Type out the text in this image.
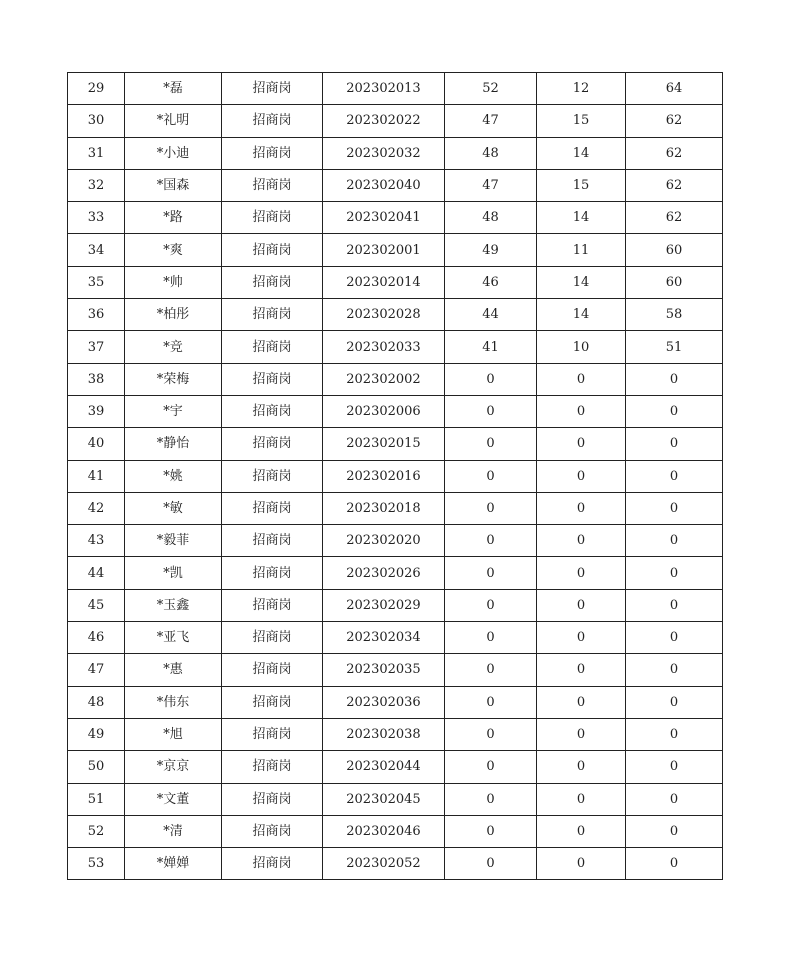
29	*磊	招商岗	202302013	52	12	64
30	*礼明	招商岗	202302022	47	15	62
31	*小迪	招商岗	202302032	48	14	62
32	*国森	招商岗	202302040	47	15	62
33	*路	招商岗	202302041	48	14	62
34	*爽	招商岗	202302001	49	11	60
35	*帅	招商岗	202302014	46	14	60
36	*柏彤	招商岗	202302028	44	14	58
37	*竞	招商岗	202302033	41	10	51
38	*荣梅	招商岗	202302002	0	0	0
39	*宇	招商岗	202302006	0	0	0
40	*静怡	招商岗	202302015	0	0	0
41	*姚	招商岗	202302016	0	0	0
42	*敏	招商岗	202302018	0	0	0
43	*毅菲	招商岗	202302020	0	0	0
44	*凯	招商岗	202302026	0	0	0
45	*玉鑫	招商岗	202302029	0	0	0
46	*亚飞	招商岗	202302034	0	0	0
47	*惠	招商岗	202302035	0	0	0
48	*伟东	招商岗	202302036	0	0	0
49	*旭	招商岗	202302038	0	0	0
50	*京京	招商岗	202302044	0	0	0
51	*文董	招商岗	202302045	0	0	0
52	*清	招商岗	202302046	0	0	0
53	*婵婵	招商岗	202302052	0	0	0
